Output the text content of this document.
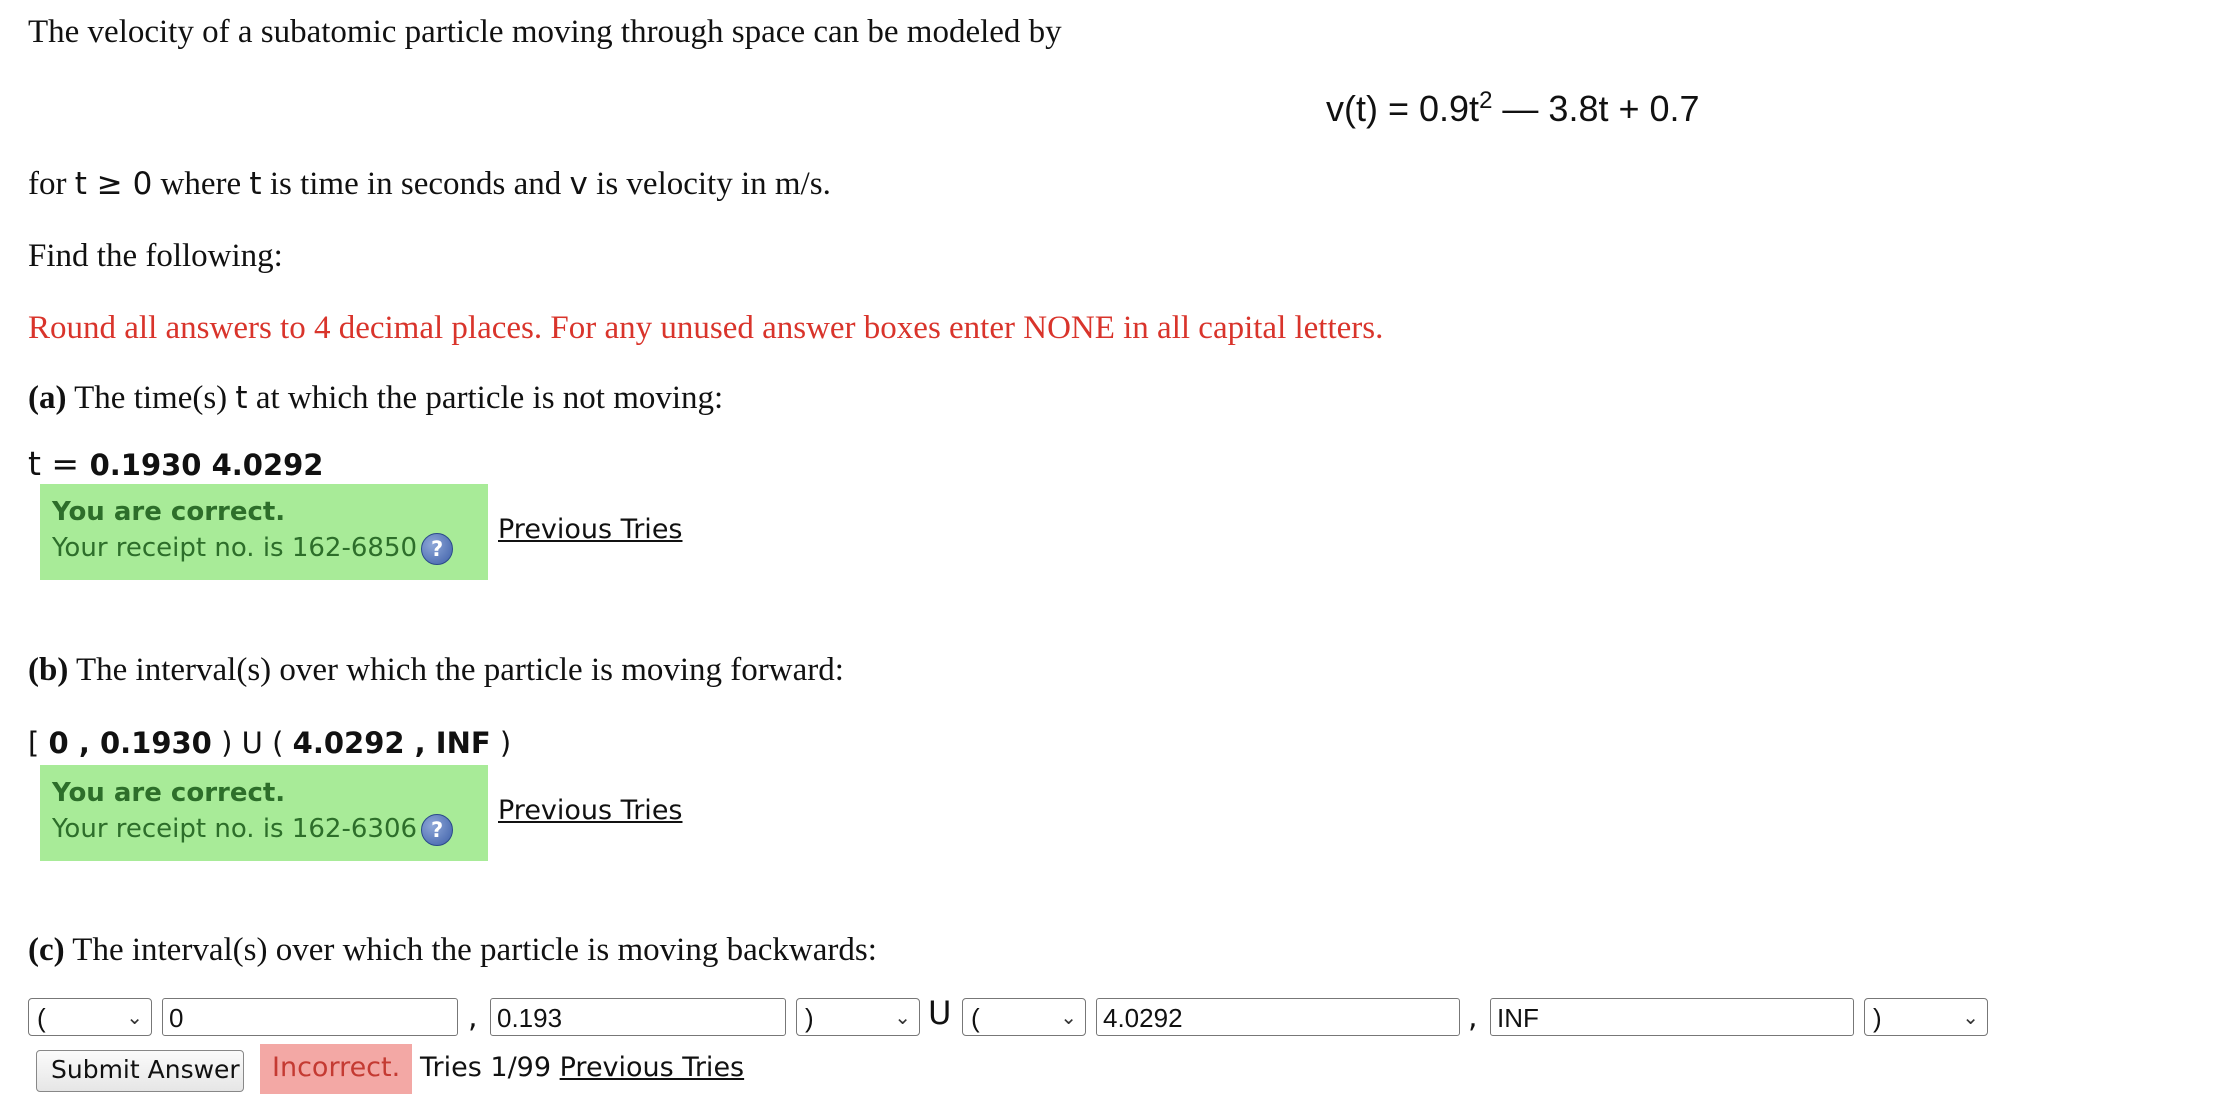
The velocity of a subatomic particle moving through space can be modeled by
$v(t) = 0.9t^2$ — 3.8t + 0.7
for t ≥ 0 where t is time in seconds and v is velocity in m/s.
Find the following:
Round all answers to 4 decimal places. For any unused answer boxes enter NONE in all capital letters.
(a) The time(s) t at which the particle is not moving:
t = 0.1930 4.0292
You are correct.
Your receipt no. is 162-6850 ?
Previous Tries
(b) The interval(s) over which the particle is moving forward:
[ 0 , 0.1930 ) U ( 4.0292 , INF )
You are correct.
Your receipt no. is 162-6306 ?
Previous Tries
(c) The interval(s) over which the particle is moving backwards:
(	⌄ 0	, 0.193	)	⌄ U (	⌄ 4.0292	, INF	)	⌄
Submit Answer	Incorrect. Tries 1/99 Previous Tries
